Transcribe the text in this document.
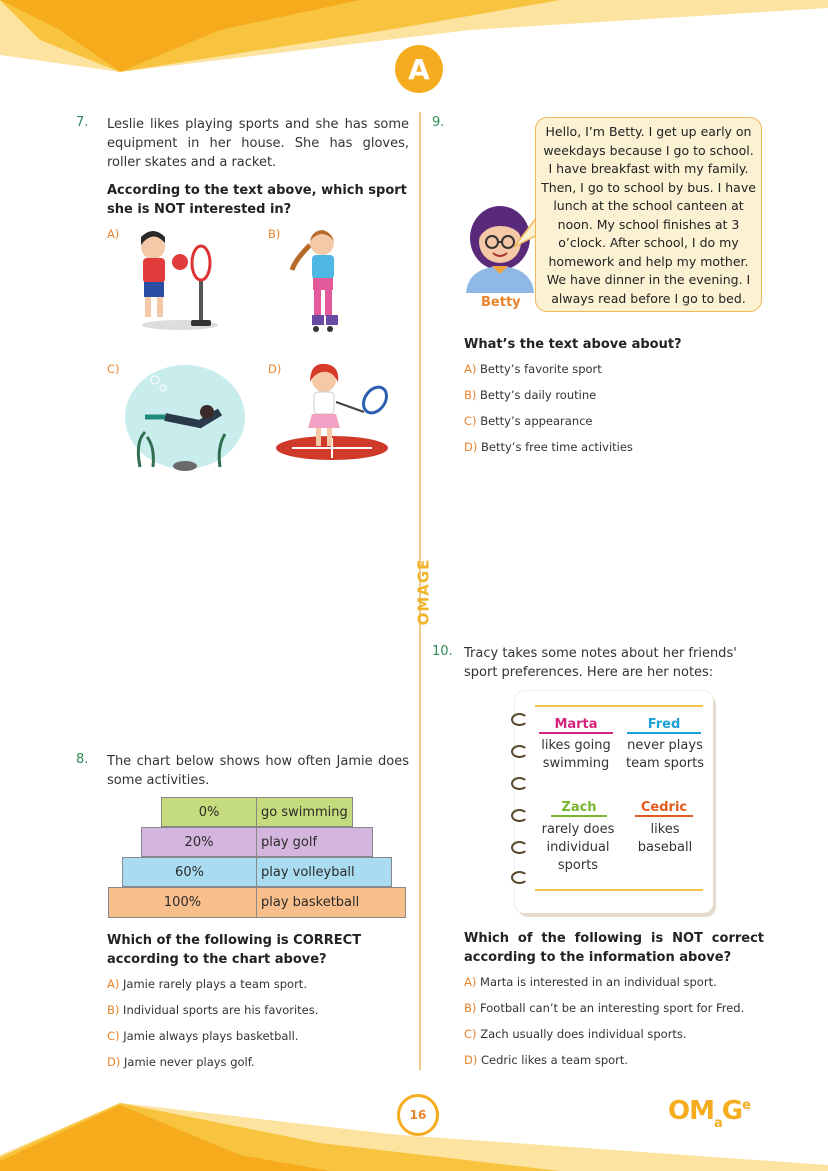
A
OMAGE
7. Leslie likes playing sports and she has some equipment in her house. She has gloves, roller skates and a racket.
According to the text above, which sport she is NOT interested in?
A)	B)
C)	D)
8. The chart below shows how often Jamie does some activities.
0%	go swimming
20%	play golf
60%	play volleyball
100%	play basketball
Which of the following is CORRECT according to the chart above?
A) Jamie rarely plays a team sport.
B) Individual sports are his favorites.
C) Jamie always plays basketball.
D) Jamie never plays golf.
9.
Betty
Hello, I’m Betty. I get up early on
weekdays because I go to school.
I have breakfast with my family.
Then, I go to school by bus. I have
lunch at the school canteen at
noon. My school finishes at 3
o’clock. After school, I do my
homework and help my mother.
We have dinner in the evening. I
always read before I go to bed.
What’s the text above about?
A) Betty’s favorite sport
B) Betty’s daily routine
C) Betty’s appearance
D) Betty’s free time activities
10. Tracy takes some notes about her friends' sport preferences. Here are her notes:
Marta
likes going
swimming
Fred
never plays
team sports
Zach
rarely does
individual
sports
Cedric
likes
baseball
Which of the following is NOT correct according to the information above?
A) Marta is interested in an individual sport.
B) Football can’t be an interesting sport for Fred.
C) Zach usually does individual sports.
D) Cedric likes a team sport.
16	$OM_aG^e$
